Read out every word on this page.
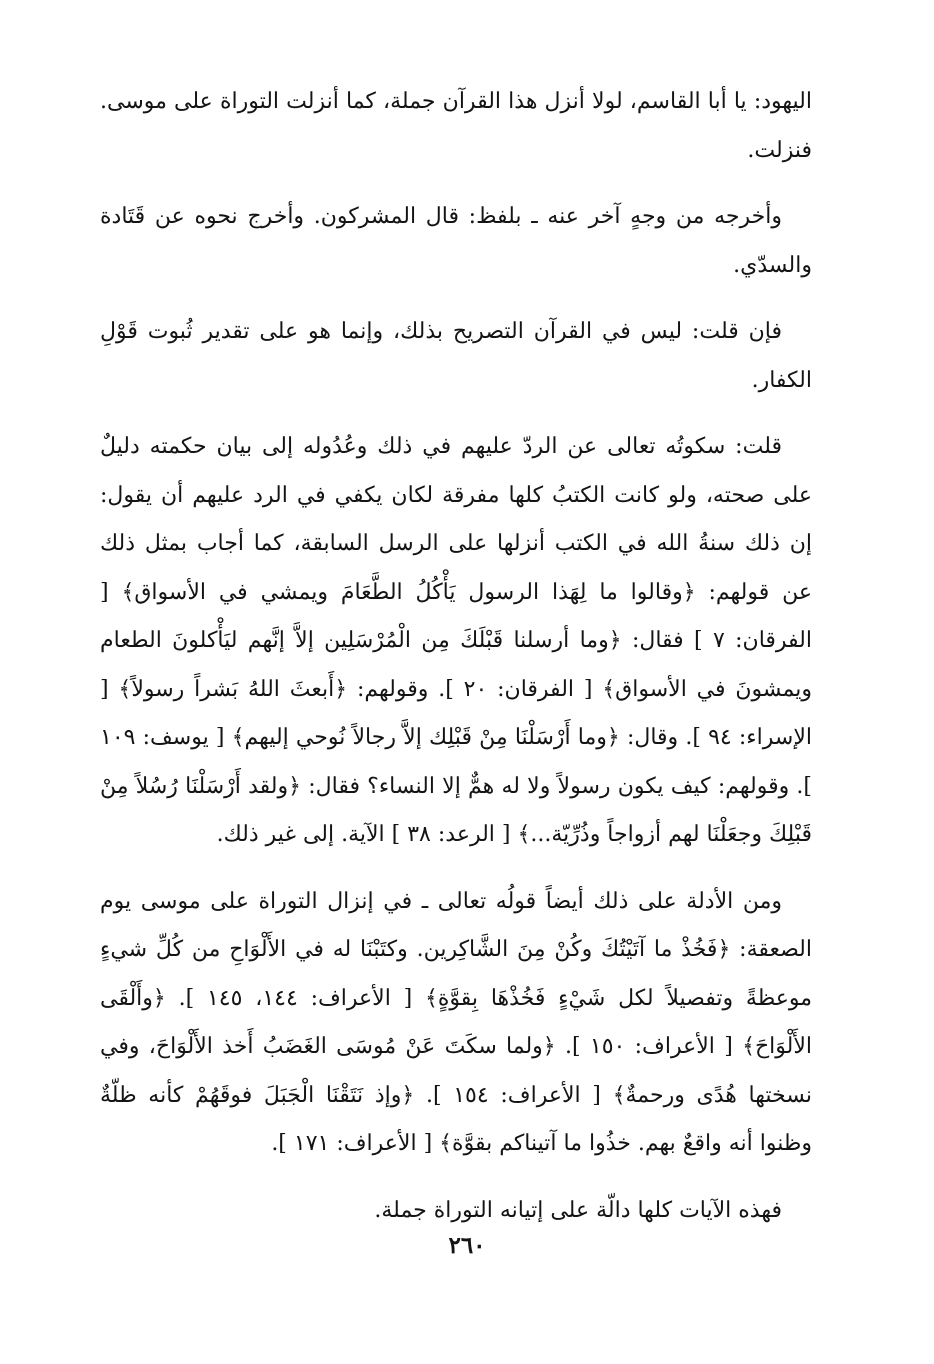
اليهود: يا أبا القاسم، لولا أنزل هذا القرآن جملة، كما أنزلت التوراة على موسى. فنزلت.

وأخرجه من وجهٍ آخر عنه ـ بلفظ: قال المشركون. وأخرج نحوه عن قَتَادة والسدّي.

فإن قلت: ليس في القرآن التصريح بذلك، وإنما هو على تقدير ثُبوت قَوْلِ الكفار.

قلت: سكوتُه تعالى عن الردّ عليهم في ذلك وعُدُوله إلى بيان حكمته دليلٌ على صحته، ولو كانت الكتبُ كلها مفرقة لكان يكفي في الرد عليهم أن يقول: إن ذلك سنةُ الله في الكتب أنزلها على الرسل السابقة، كما أجاب بمثل ذلك عن قولهم: ﴿وقالوا ما لِهَذا الرسول يَأْكُلُ الطَّعَامَ ويمشي في الأسواق﴾ [ الفرقان: ٧ ] فقال: ﴿وما أرسلنا قَبْلَكَ مِن الْمُرْسَلِين إلاَّ إنَّهم ليَأْكلونَ الطعام ويمشونَ في الأسواق﴾ [ الفرقان: ٢٠ ]. وقولهم: ﴿أَبعثَ اللهُ بَشراً رسولاً﴾ [ الإسراء: ٩٤ ]. وقال: ﴿وما أَرْسَلْنَا مِنْ قَبْلِك إلاَّ رجالاً نُوحي إليهم﴾ [ يوسف: ١٠٩ ]. وقولهم: كيف يكون رسولاً ولا له همٌّ إلا النساء؟ فقال: ﴿ولقد أَرْسَلْنَا رُسُلاً مِنْ قَبْلِكَ وجعَلْنَا لهم أزواجاً وذُرِّيّة...﴾ [ الرعد: ٣٨ ] الآية. إلى غير ذلك.

ومن الأدلة على ذلك أيضاً قولُه تعالى ـ في إنزال التوراة على موسى يوم الصعقة: ﴿فَخُذْ ما آتَيْتُكَ وكُنْ مِنَ الشَّاكِرين. وكتَبْنَا له في الأَلْوَاحِ من كُلِّ شيءٍ موعظةً وتفصيلاً لكل شَيْءٍ فَخُذْهَا بِقوَّةٍ﴾ [ الأعراف: ١٤٤، ١٤٥ ]. ﴿وأَلْقَى الأَلْوَاحَ﴾ [ الأعراف: ١٥٠ ]. ﴿ولما سكَتَ عَنْ مُوسَى الغَضَبُ أَخذ الأَلْوَاحَ، وفي نسختها هُدًى ورحمةٌ﴾ [ الأعراف: ١٥٤ ]. ﴿وإذ نَتَقْنَا الْجَبَلَ فوقَهُمْ كأنه ظلّةٌ وظنوا أنه واقعٌ بهم. خذُوا ما آتيناكم بقوَّة﴾ [ الأعراف: ١٧١ ].

فهذه الآيات كلها دالّة على إتيانه التوراة جملة.

٢٦٠
